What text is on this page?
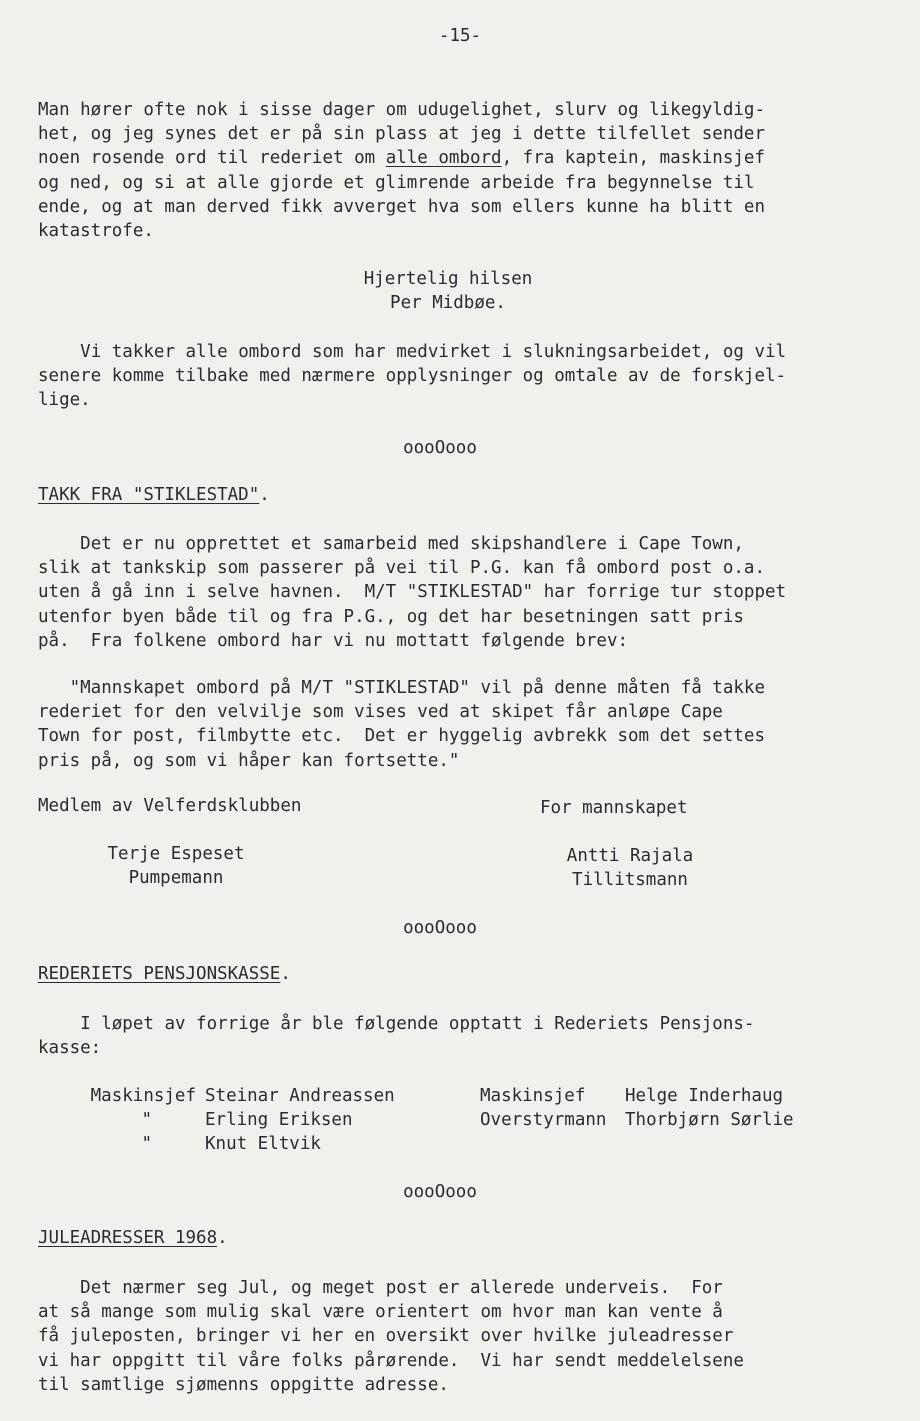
-15-

Man hører ofte nok i sisse dager om udugelighet, slurv og likegyldig-
het, og jeg synes det er på sin plass at jeg i dette tilfellet sender
noen rosende ord til rederiet om alle ombord, fra kaptein, maskinsjef
og ned, og si at alle gjorde et glimrende arbeide fra begynnelse til
ende, og at man derved fikk avverget hva som ellers kunne ha blitt en
katastrofe.

Hjertelig hilsen
Per Midbøe.

Vi takker alle ombord som har medvirket i slukningsarbeidet, og vil
senere komme tilbake med nærmere opplysninger og omtale av de forskjel-
lige.

oooOooo
TAKK FRA "STIKLESTAD".

Det er nu opprettet et samarbeid med skipshandlere i Cape Town,
slik at tankskip som passerer på vei til P.G. kan få ombord post o.a.
uten å gå inn i selve havnen.  M/T "STIKLESTAD" har forrige tur stoppet
utenfor byen både til og fra P.G., og det har besetningen satt pris
på.  Fra folkene ombord har vi nu mottatt følgende brev:

"Mannskapet ombord på M/T "STIKLESTAD" vil på denne måten få takke
rederiet for den velvilje som vises ved at skipet får anløpe Cape
Town for post, filmbytte etc.  Det er hyggelig avbrekk som det settes
pris på, og som vi håper kan fortsette."

Medlem av Velferdsklubben
Terje Espeset
Pumpemann
For mannskapet
Antti Rajala
Tillitsmann
oooOooo
REDERIETS PENSJONSKASSE.

I løpet av forrige år ble følgende opptatt i Rederiets Pensjons-
kasse:

Maskinsjef Steinar Andreassen
"	Erling Eriksen
"	Knut Eltvik
Maskinsjef Helge Inderhaug
Overstyrmann Thorbjørn Sørlie
oooOooo
JULEADRESSER 1968.

Det nærmer seg Jul, og meget post er allerede underveis.  For
at så mange som mulig skal være orientert om hvor man kan vente å
få juleposten, bringer vi her en oversikt over hvilke juleadresser
vi har oppgitt til våre folks pårørende.  Vi har sendt meddelelsene
til samtlige sjømenns oppgitte adresse.
